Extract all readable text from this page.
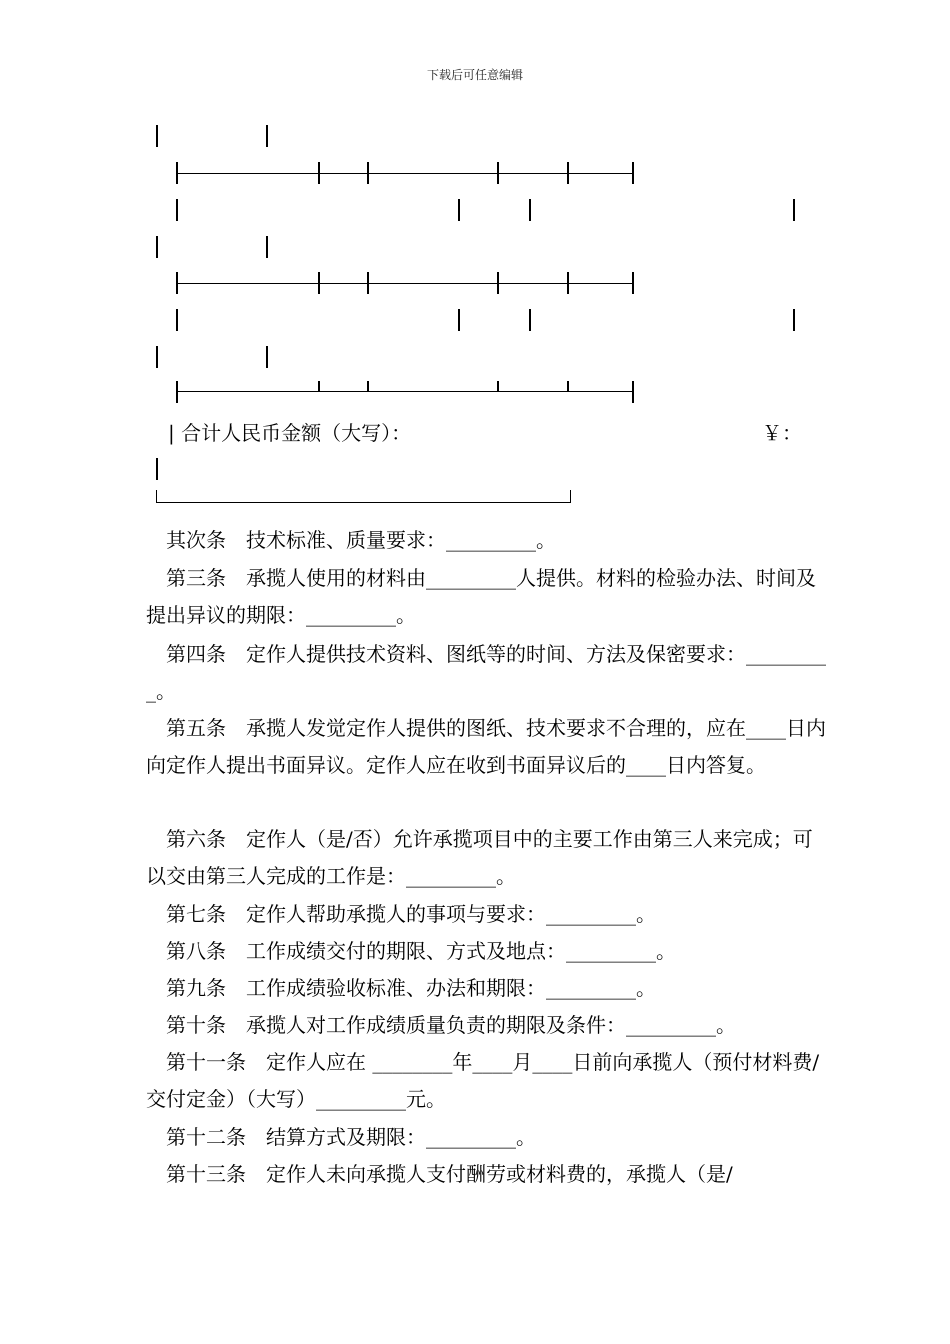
下载后可任意编辑
| 合计人民币金额（大写）：	￥：
其次条　技术标准、质量要求：_________。
第三条　承揽人使用的材料由_________人提供。材料的检验办法、时间及提出异议的期限：_________。
第四条　定作人提供技术资料、图纸等的时间、方法及保密要求：_________。
第五条　承揽人发觉定作人提供的图纸、技术要求不合理的，应在____日内向定作人提出书面异议。定作人应在收到书面异议后的____日内答复。
第六条　定作人（是/否）允许承揽项目中的主要工作由第三人来完成；可以交由第三人完成的工作是：_________。
第七条　定作人帮助承揽人的事项与要求：_________。
第八条　工作成绩交付的期限、方式及地点：_________。
第九条　工作成绩验收标准、办法和期限：_________。
第十条　承揽人对工作成绩质量负责的期限及条件：_________。
第十一条　定作人应在 ________年____月____日前向承揽人（预付材料费/交付定金）（大写）_________元。
第十二条　结算方式及期限：_________。
第十三条　定作人未向承揽人支付酬劳或材料费的，承揽人（是/
